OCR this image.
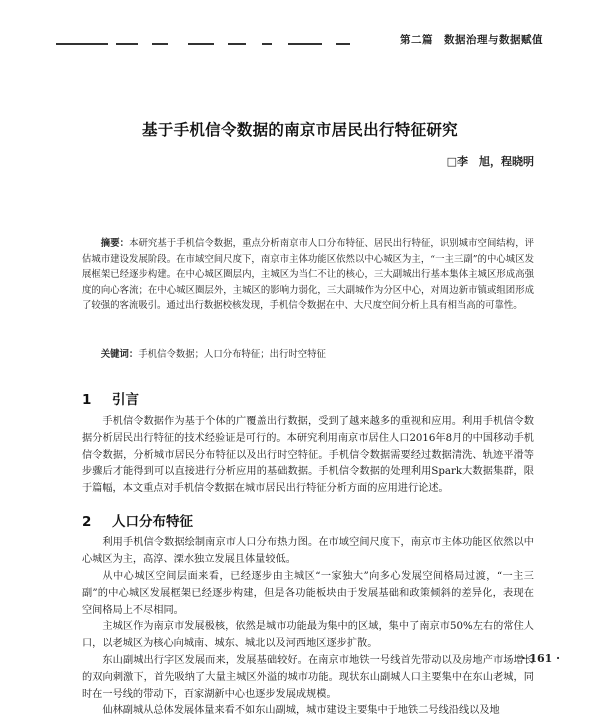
第二篇　数据治理与数据赋值
基于手机信令数据的南京市居民出行特征研究
□李　旭，程晓明
摘要：本研究基于手机信令数据，重点分析南京市人口分布特征、居民出行特征，识别城市空间结构，评估城市建设发展阶段。在市域空间尺度下，南京市主体功能区依然以中心城区为主，“一主三副”的中心城区发展框架已经逐步构建。在中心城区圈层内，主城区为当仁不让的核心，三大副城出行基本集体主城区形成高强度的向心客流；在中心城区圈层外，主城区的影响力弱化，三大副城作为分区中心，对周边新市镇或组团形成了较强的客流吸引。通过出行数据校核发现，手机信令数据在中、大尺度空间分析上具有相当高的可靠性。
关键词：手机信令数据；人口分布特征；出行时空特征
1 引言

手机信令数据作为基于个体的广覆盖出行数据，受到了越来越多的重视和应用。利用手机信令数据分析居民出行特征的技术经验证是可行的。本研究利用南京市居住人口2016年8月的中国移动手机信令数据，分析城市居民分布特征以及出行时空特征。手机信令数据需要经过数据清洗、轨迹平滑等步骤后才能得到可以直接进行分析应用的基础数据。手机信令数据的处理利用Spark大数据集群，限于篇幅，本文重点对手机信令数据在城市居民出行特征分析方面的应用进行论述。

2 人口分布特征

利用手机信令数据绘制南京市人口分布热力图。在市域空间尺度下，南京市主体功能区依然以中心城区为主，高淳、溧水独立发展且体量较低。

从中心城区空间层面来看，已经逐步由主城区“一家独大”向多心发展空间格局过渡，“一主三副”的中心城区发展框架已经逐步构建，但是各功能板块由于发展基础和政策倾斜的差异化，表现在空间格局上不尽相同。

主城区作为南京市发展极核，依然是城市功能最为集中的区域，集中了南京市50%左右的常住人口，以老城区为核心向城南、城东、城北以及河西地区逐步扩散。

东山副城出行字区发展而来，发展基础较好。在南京市地铁一号线首先带动以及房地产市场增长的双向刺激下，首先吸纳了大量主城区外溢的城市功能。现状东山副城人口主要集中在东山老城，同时在一号线的带动下，百家湖新中心也逐步发展成规模。

仙林副城从总体发展体量来看不如东山副城，城市建设主要集中于地铁二号线沿线以及地

· 161 ·
